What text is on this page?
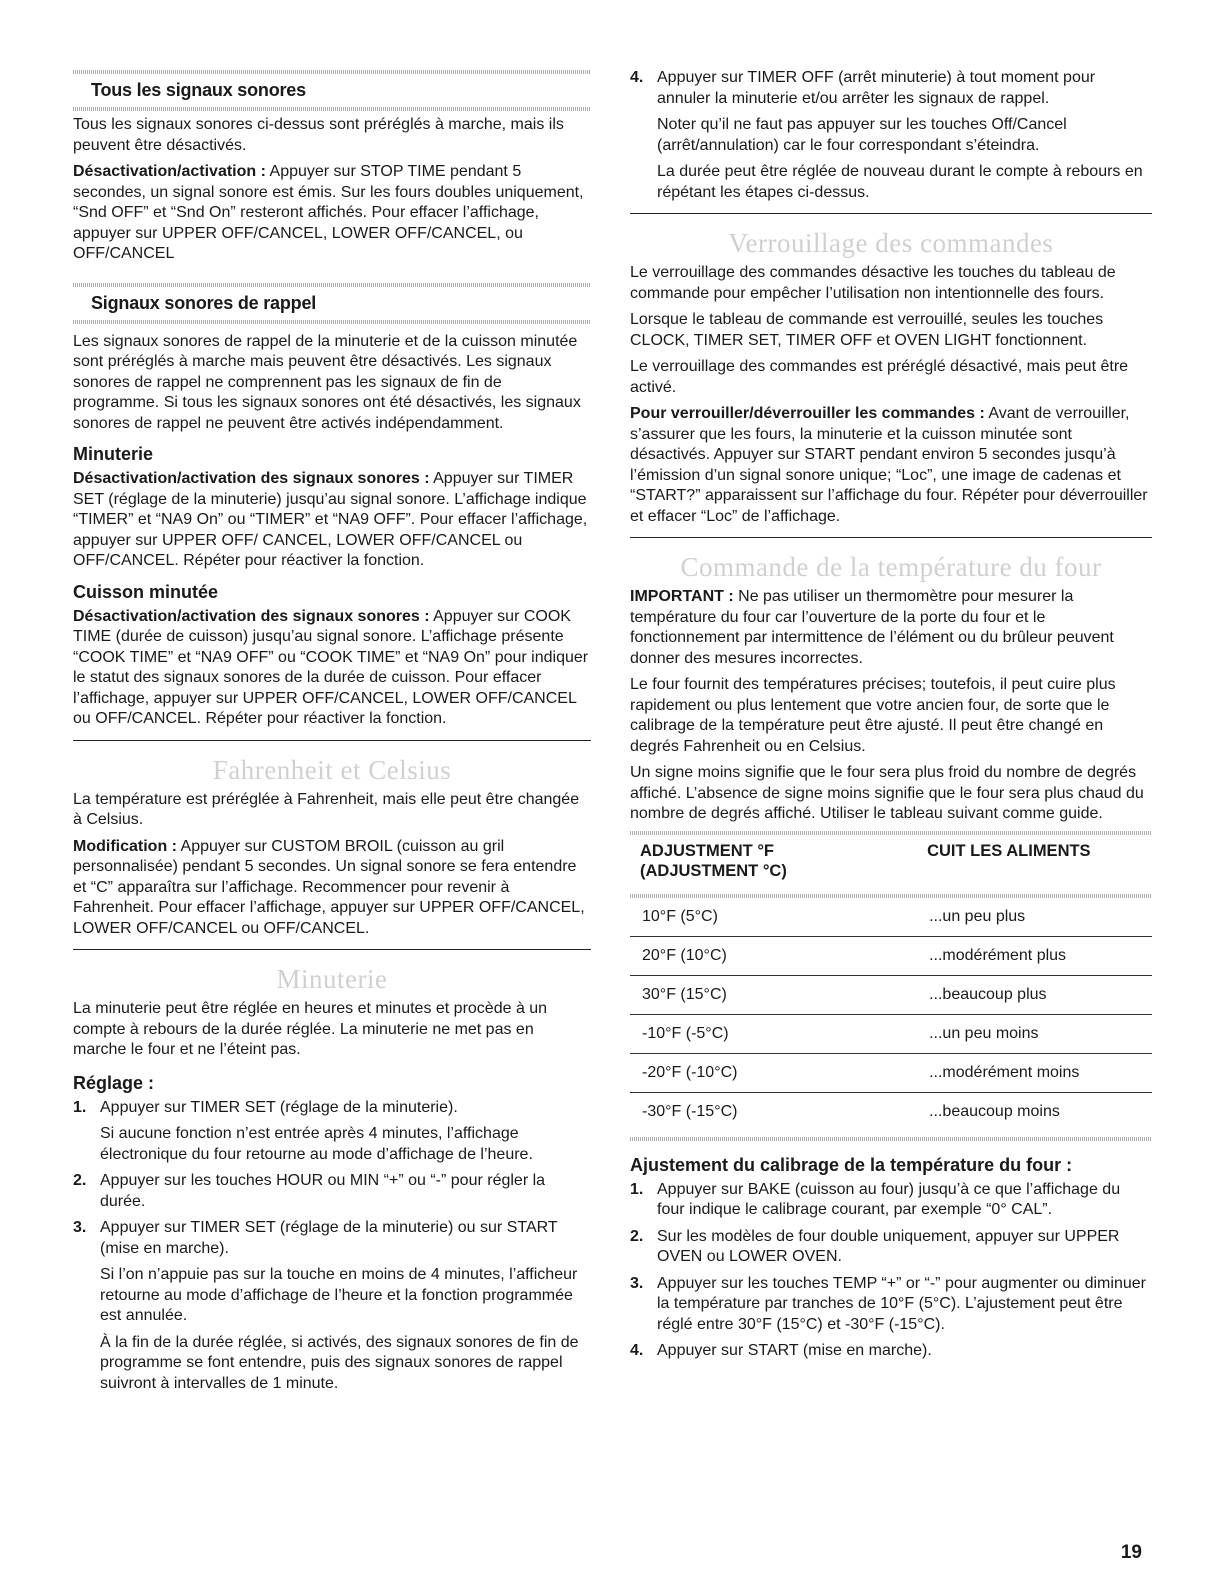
Tous les signaux sonores

Tous les signaux sonores ci-dessus sont préréglés à marche, mais ils peuvent être désactivés.

Désactivation/activation : Appuyer sur STOP TIME pendant 5 secondes, un signal sonore est émis. Sur les fours doubles uniquement, “Snd OFF” et “Snd On” resteront affichés. Pour effacer l’affichage, appuyer sur UPPER OFF/CANCEL, LOWER OFF/CANCEL, ou OFF/CANCEL

Signaux sonores de rappel

Les signaux sonores de rappel de la minuterie et de la cuisson minutée sont préréglés à marche mais peuvent être désactivés. Les signaux sonores de rappel ne comprennent pas les signaux de fin de programme. Si tous les signaux sonores ont été désactivés, les signaux sonores de rappel ne peuvent être activés indépendamment.

Minuterie

Désactivation/activation des signaux sonores : Appuyer sur TIMER SET (réglage de la minuterie) jusqu’au signal sonore. L’affichage indique “TIMER” et “NA9 On” ou “TIMER” et “NA9 OFF”. Pour effacer l’affichage, appuyer sur UPPER OFF/ CANCEL, LOWER OFF/CANCEL ou OFF/CANCEL. Répéter pour réactiver la fonction.

Cuisson minutée

Désactivation/activation des signaux sonores : Appuyer sur COOK TIME (durée de cuisson) jusqu’au signal sonore. L’affichage présente “COOK TIME” et “NA9 OFF” ou “COOK TIME” et “NA9 On” pour indiquer le statut des signaux sonores de la durée de cuisson. Pour effacer l’affichage, appuyer sur UPPER OFF/CANCEL, LOWER OFF/CANCEL ou OFF/CANCEL. Répéter pour réactiver la fonction.

Fahrenheit et Celsius

La température est préréglée à Fahrenheit, mais elle peut être changée à Celsius.

Modification : Appuyer sur CUSTOM BROIL (cuisson au gril personnalisée) pendant 5 secondes. Un signal sonore se fera entendre et “C” apparaîtra sur l’affichage. Recommencer pour revenir à Fahrenheit. Pour effacer l’affichage, appuyer sur UPPER OFF/CANCEL, LOWER OFF/CANCEL ou OFF/CANCEL.

Minuterie

La minuterie peut être réglée en heures et minutes et procède à un compte à rebours de la durée réglée. La minuterie ne met pas en marche le four et ne l’éteint pas.

Réglage :
1. Appuyer sur TIMER SET (réglage de la minuterie).

Si aucune fonction n’est entrée après 4 minutes, l’affichage électronique du four retourne au mode d’affichage de l’heure.

2. Appuyer sur les touches HOUR ou MIN “+” ou “-” pour régler la durée.

3. Appuyer sur TIMER SET (réglage de la minuterie) ou sur START (mise en marche).

Si l’on n’appuie pas sur la touche en moins de 4 minutes, l’afficheur retourne au mode d’affichage de l’heure et la fonction programmée est annulée.

À la fin de la durée réglée, si activés, des signaux sonores de fin de programme se font entendre, puis des signaux sonores de rappel suivront à intervalles de 1 minute.

4. Appuyer sur TIMER OFF (arrêt minuterie) à tout moment pour annuler la minuterie et/ou arrêter les signaux de rappel.

Noter qu’il ne faut pas appuyer sur les touches Off/Cancel (arrêt/annulation) car le four correspondant s’éteindra.

La durée peut être réglée de nouveau durant le compte à rebours en répétant les étapes ci-dessus.

Verrouillage des commandes

Le verrouillage des commandes désactive les touches du tableau de commande pour empêcher l’utilisation non intentionnelle des fours.

Lorsque le tableau de commande est verrouillé, seules les touches CLOCK, TIMER SET, TIMER OFF et OVEN LIGHT fonctionnent.

Le verrouillage des commandes est préréglé désactivé, mais peut être activé.

Pour verrouiller/déverrouiller les commandes : Avant de verrouiller, s’assurer que les fours, la minuterie et la cuisson minutée sont désactivés. Appuyer sur START pendant environ 5 secondes jusqu’à l’émission d’un signal sonore unique; “Loc”, une image de cadenas et “START?” apparaissent sur l’affichage du four. Répéter pour déverrouiller et effacer “Loc” de l’affichage.

Commande de la température du four

IMPORTANT : Ne pas utiliser un thermomètre pour mesurer la température du four car l’ouverture de la porte du four et le fonctionnement par intermittence de l’élément ou du brûleur peuvent donner des mesures incorrectes.

Le four fournit des températures précises; toutefois, il peut cuire plus rapidement ou plus lentement que votre ancien four, de sorte que le calibrage de la température peut être ajusté. Il peut être changé en degrés Fahrenheit ou en Celsius.

Un signe moins signifie que le four sera plus froid du nombre de degrés affiché. L’absence de signe moins signifie que le four sera plus chaud du nombre de degrés affiché. Utiliser le tableau suivant comme guide.

ADJUSTMENT °F
(ADJUSTMENT °C)	CUIT LES ALIMENTS

10°F (5°C)	...un peu plus
20°F (10°C)	...modérément plus
30°F (15°C)	...beaucoup plus
-10°F (-5°C)	...un peu moins
-20°F (-10°C)	...modérément moins
-30°F (-15°C)	...beaucoup moins
Ajustement du calibrage de la température du four :
1. Appuyer sur BAKE (cuisson au four) jusqu’à ce que l’affichage du four indique le calibrage courant, par exemple “0° CAL”.

2. Sur les modèles de four double uniquement, appuyer sur UPPER OVEN ou LOWER OVEN.

3. Appuyer sur les touches TEMP “+” or “-” pour augmenter ou diminuer la température par tranches de 10°F (5°C). L’ajustement peut être réglé entre 30°F (15°C) et -30°F (-15°C).

4. Appuyer sur START (mise en marche).

19
